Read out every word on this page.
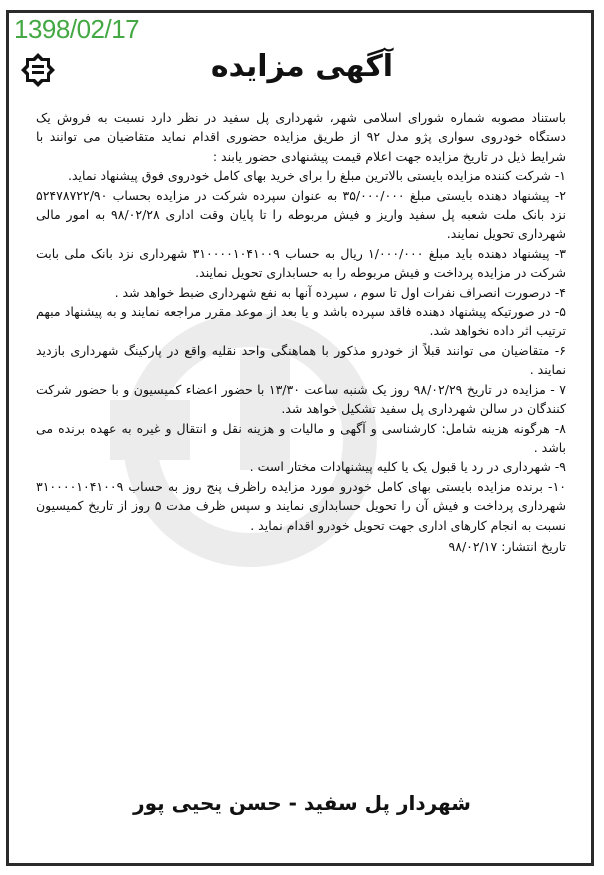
1398/02/17
آگهی مزایده

باستناد مصوبه شماره شورای اسلامی شهر، شهرداری پل سفید در نظر دارد نسبت به فروش یک دستگاه خودروی سواری پژو مدل ۹۲ از طریق مزایده حضوری اقدام نماید متقاضیان می توانند با شرایط ذیل در تاریخ مزایده جهت اعلام قیمت پیشنهادی حضور یابند :

۱- شرکت کننده مزایده بایستی بالاترین مبلغ را برای خرید بهای کامل خودروی فوق پیشنهاد نماید.

۲- پیشنهاد دهنده بایستی مبلغ ۳۵/۰۰۰/۰۰۰ به عنوان سپرده شرکت در مزایده بحساب ۵۲۴۷۸۷۲۲/۹۰ نزد بانک ملت شعبه پل سفید واریز و فیش مربوطه را تا پایان وقت اداری ۹۸/۰۲/۲۸ به امور مالی شهرداری تحویل نمایند.

۳- پیشنهاد دهنده باید مبلغ ۱/۰۰۰/۰۰۰ ریال به حساب ۳۱۰۰۰۰۱۰۴۱۰۰۹ شهرداری نزد بانک ملی بابت شرکت در مزایده پرداخت و فیش مربوطه را به حسابداری تحویل نمایند.

۴- درصورت انصراف نفرات اول تا سوم ، سپرده آنها به نفع شهرداری ضبط خواهد شد .

۵- در صورتیکه پیشنهاد دهنده فاقد سپرده باشد و یا بعد از موعد مقرر مراجعه نمایند و به پیشنهاد مبهم ترتیب اثر داده نخواهد شد.

۶- متقاضیان می توانند قبلاً از خودرو مذکور با هماهنگی واحد نقلیه واقع در پارکینگ شهرداری بازدید نمایند .

۷ - مزایده در تاریخ ۹۸/۰۲/۲۹ روز یک شنبه ساعت ۱۳/۳۰ با حضور اعضاء کمیسیون و با حضور شرکت کنندگان در سالن شهرداری پل سفید تشکیل خواهد شد.

۸- هرگونه هزینه شامل: کارشناسی و آگهی و مالیات و هزینه نقل و انتقال و غیره به عهده برنده می باشد .

۹- شهرداری در رد یا قبول یک یا کلیه پیشنهادات مختار است .

۱۰- برنده مزایده بایستی بهای کامل خودرو مورد مزایده راظرف پنج روز به حساب ۳۱۰۰۰۰۱۰۴۱۰۰۹ شهرداری پرداخت و فیش آن را تحویل حسابداری نمایند و سپس ظرف مدت ۵ روز از تاریخ کمیسیون نسبت به انجام کارهای اداری جهت تحویل خودرو اقدام نماید .

تاریخ انتشار: ۹۸/۰۲/۱۷

شهردار پل سفید - حسن یحیی پور
